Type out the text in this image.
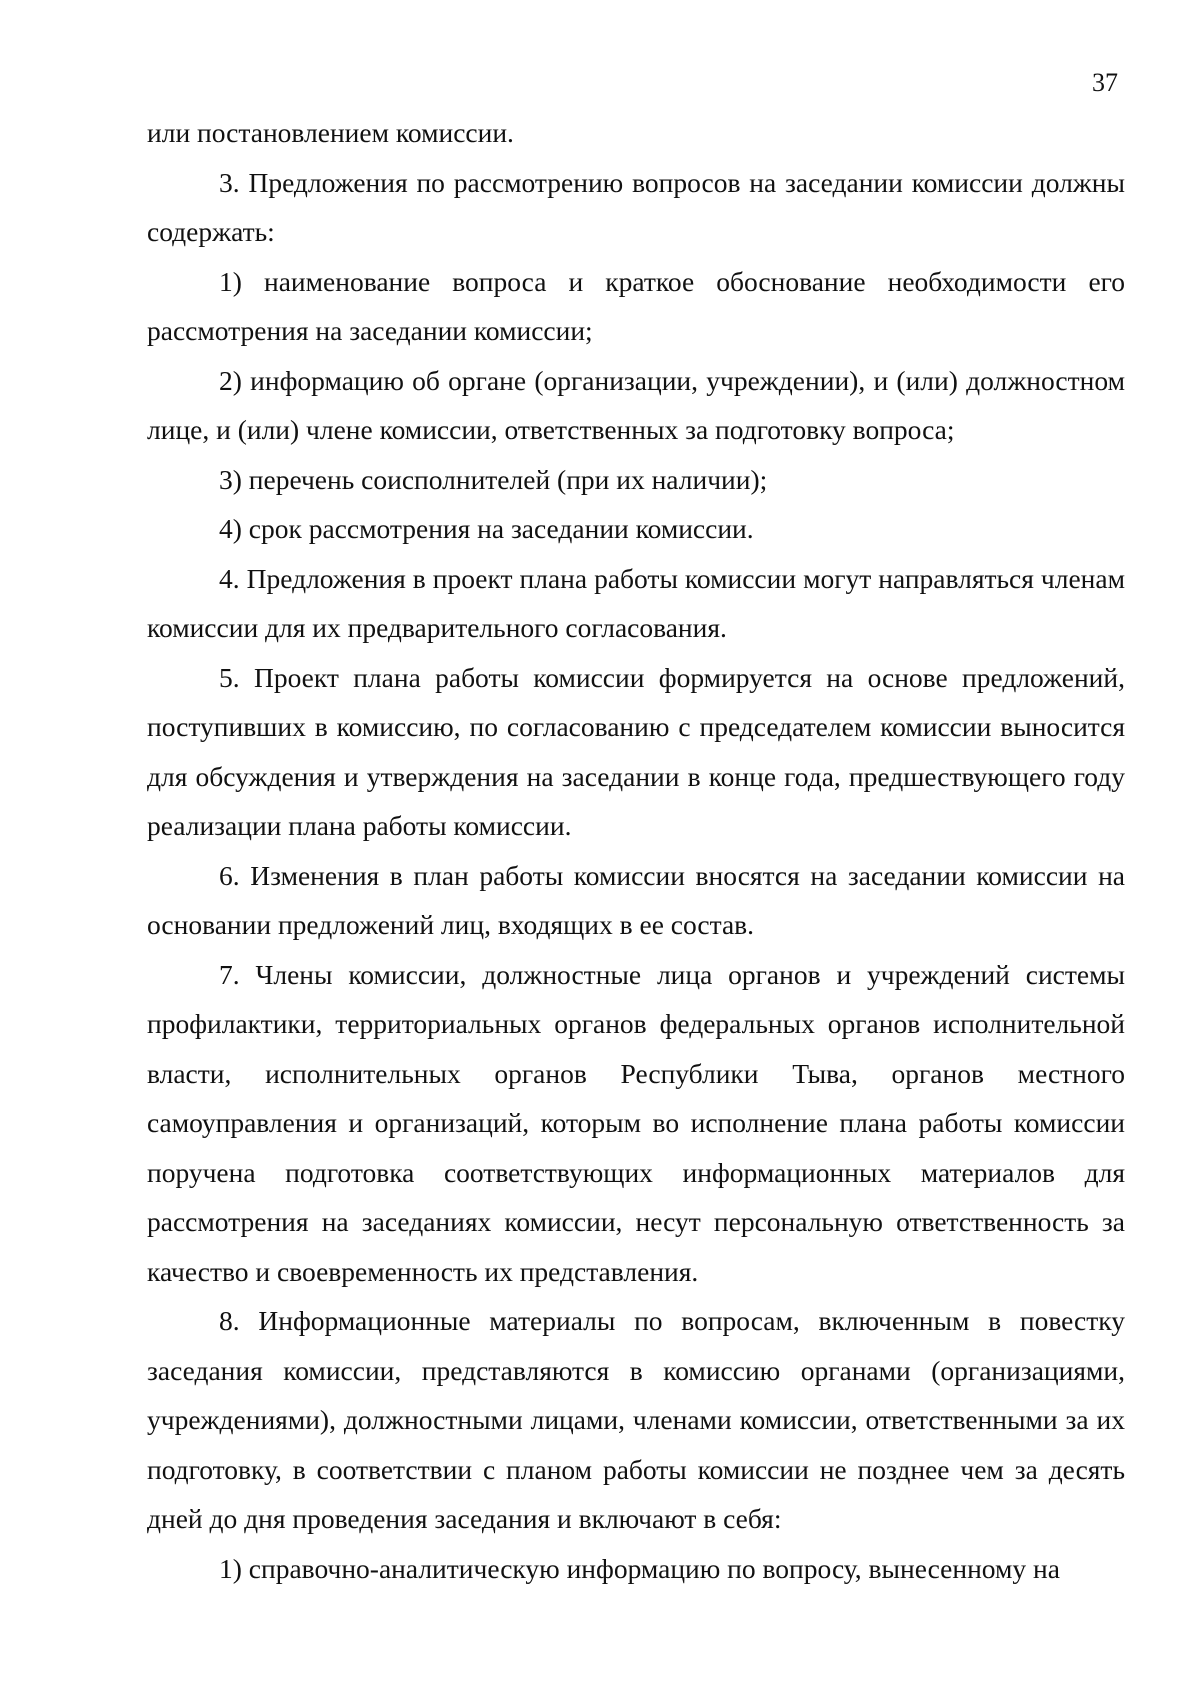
37

или постановлением комиссии.

3. Предложения по рассмотрению вопросов на заседании комиссии должны содержать:

1) наименование вопроса и краткое обоснование необходимости его рассмотрения на заседании комиссии;

2) информацию об органе (организации, учреждении), и (или) должностном лице, и (или) члене комиссии, ответственных за подготовку вопроса;

3) перечень соисполнителей (при их наличии);

4) срок рассмотрения на заседании комиссии.

4. Предложения в проект плана работы комиссии могут направляться членам комиссии для их предварительного согласования.

5. Проект плана работы комиссии формируется на основе предложений, поступивших в комиссию, по согласованию с председателем комиссии выносится для обсуждения и утверждения на заседании в конце года, предшествующего году реализации плана работы комиссии.

6. Изменения в план работы комиссии вносятся на заседании комиссии на основании предложений лиц, входящих в ее состав.

7. Члены комиссии, должностные лица органов и учреждений системы профилактики, территориальных органов федеральных органов исполнительной власти, исполнительных органов Республики Тыва, органов местного самоуправления и организаций, которым во исполнение плана работы комиссии поручена подготовка соответствующих информационных материалов для рассмотрения на заседаниях комиссии, несут персональную ответственность за качество и своевременность их представления.

8. Информационные материалы по вопросам, включенным в повестку заседания комиссии, представляются в комиссию органами (организациями, учреждениями), должностными лицами, членами комиссии, ответственными за их подготовку, в соответствии с планом работы комиссии не позднее чем за десять дней до дня проведения заседания и включают в себя:

1) справочно-аналитическую информацию по вопросу, вынесенному на
